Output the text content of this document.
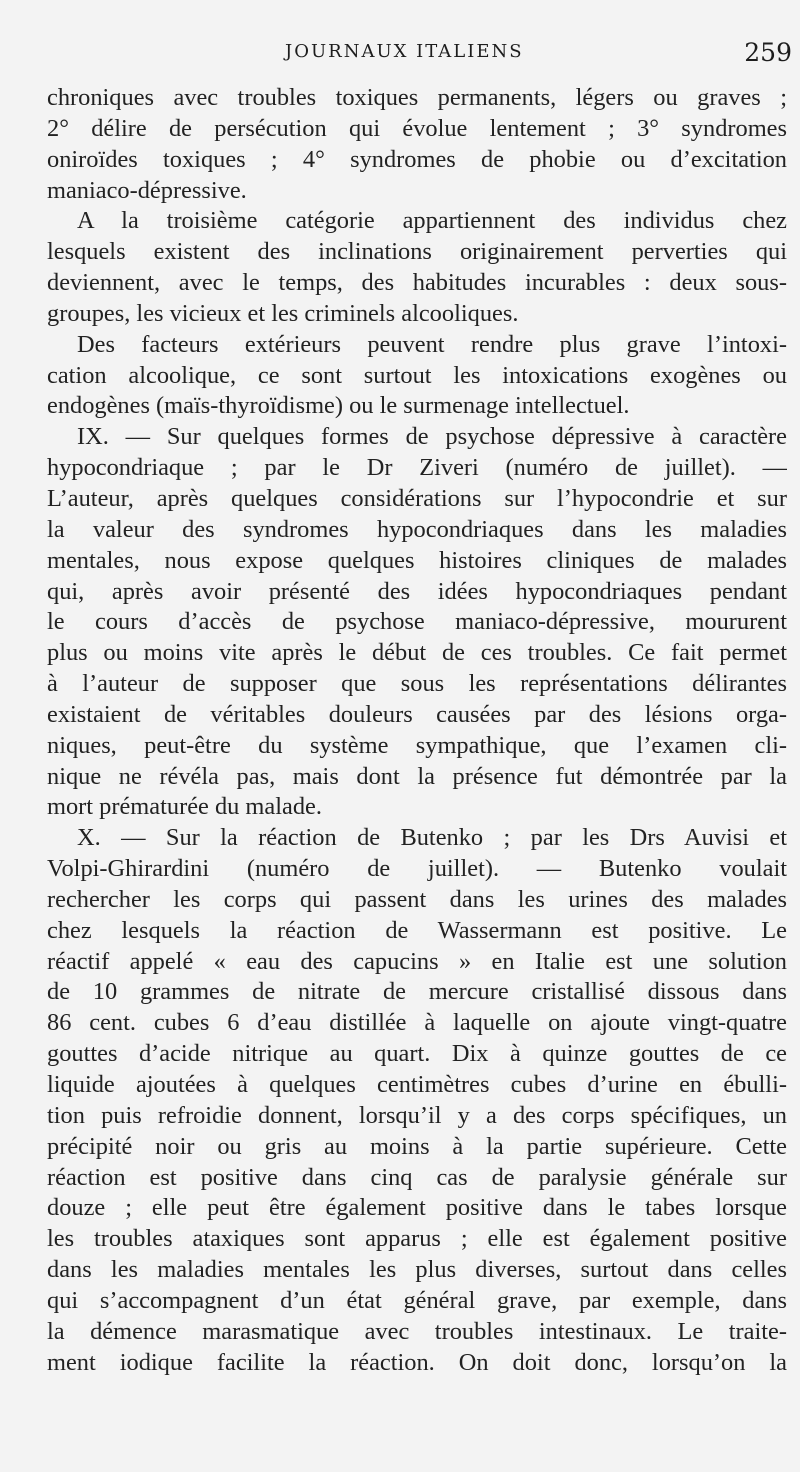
JOURNAUX ITALIENS	259
chroniques avec troubles toxiques permanents, légers ou graves ;
2° délire de persécution qui évolue lentement ; 3° syndromes
oniroïdes toxiques ; 4° syndromes de phobie ou d’excitation
maniaco-dépressive.
A la troisième catégorie appartiennent des individus chez
lesquels existent des inclinations originairement perverties qui
deviennent, avec le temps, des habitudes incurables : deux sous-
groupes, les vicieux et les criminels alcooliques.
Des facteurs extérieurs peuvent rendre plus grave l’intoxi-
cation alcoolique, ce sont surtout les intoxications exogènes ou
endogènes (maïs-thyroïdisme) ou le surmenage intellectuel.
IX. — Sur quelques formes de psychose dépressive à caractère
hypocondriaque ; par le Dr Ziveri (numéro de juillet). —
L’auteur, après quelques considérations sur l’hypocondrie et sur
la valeur des syndromes hypocondriaques dans les maladies
mentales, nous expose quelques histoires cliniques de malades
qui, après avoir présenté des idées hypocondriaques pendant
le cours d’accès de psychose maniaco-dépressive, moururent
plus ou moins vite après le début de ces troubles. Ce fait permet
à l’auteur de supposer que sous les représentations délirantes
existaient de véritables douleurs causées par des lésions orga-
niques, peut-être du système sympathique, que l’examen cli-
nique ne révéla pas, mais dont la présence fut démontrée par la
mort prématurée du malade.
X. — Sur la réaction de Butenko ; par les Drs Auvisi et
Volpi-Ghirardini (numéro de juillet). — Butenko voulait
rechercher les corps qui passent dans les urines des malades
chez lesquels la réaction de Wassermann est positive. Le
réactif appelé « eau des capucins » en Italie est une solution
de 10 grammes de nitrate de mercure cristallisé dissous dans
86 cent. cubes 6 d’eau distillée à laquelle on ajoute vingt-quatre
gouttes d’acide nitrique au quart. Dix à quinze gouttes de ce
liquide ajoutées à quelques centimètres cubes d’urine en ébulli-
tion puis refroidie donnent, lorsqu’il y a des corps spécifiques, un
précipité noir ou gris au moins à la partie supérieure. Cette
réaction est positive dans cinq cas de paralysie générale sur
douze ; elle peut être également positive dans le tabes lorsque
les troubles ataxiques sont apparus ; elle est également positive
dans les maladies mentales les plus diverses, surtout dans celles
qui s’accompagnent d’un état général grave, par exemple, dans
la démence marasmatique avec troubles intestinaux. Le traite-
ment iodique facilite la réaction. On doit donc, lorsqu’on la
